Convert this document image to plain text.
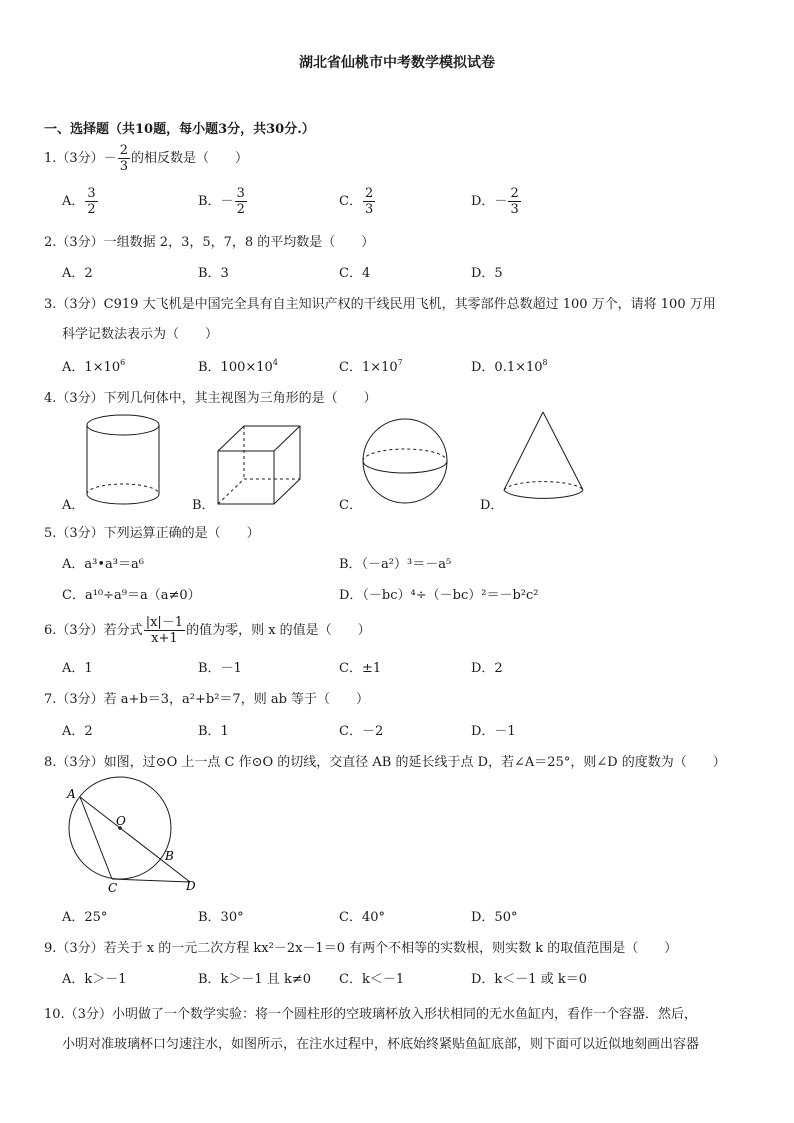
湖北省仙桃市中考数学模拟试卷
一、选择题（共10题，每小题3分，共30分.）
1.（3分）－ $\frac{2}{3}$ 的相反数是（　　）
A． $\frac{3}{2}$	B．－ $\frac{3}{2}$	C． $\frac{2}{3}$	D．－ $\frac{2}{3}$
2.（3分）一组数据 2，3，5，7，8 的平均数是（　　）
A．2	B．3	C．4	D．5
3.（3分）C919 大飞机是中国完全具有自主知识产权的干线民用飞机，其零部件总数超过 100 万个，请将 100 万用
科学记数法表示为（　　）
A．$1\times 10^6$	B．$100\times 10^4$	C．$1\times 10^7$	D．$0.1\times 10^8$
4.（3分）下列几何体中，其主视图为三角形的是（　　）
A．	B．	C．	D．
5.（3分）下列运算正确的是（　　）
A．a³•a³＝a⁶	B．（－a²）³＝－a⁵
C．a¹⁰÷a⁹＝a（a≠0）	D．（－bc）⁴÷（－bc）²＝－b²c²
6.（3分）若分式 $\frac{|x|-1}{x+1}$ 的值为零，则 x 的值是（　　）
A．1	B．－1	C．±1	D．2
7.（3分）若 a+b＝3，a²+b²＝7，则 ab 等于（　　）
A．2	B．1	C．－2	D．－1
8.（3分）如图，过⊙O 上一点 C 作⊙O 的切线，交直径 AB 的延长线于点 D，若∠A＝25°，则∠D 的度数为（　　）
A
O
B
C	D
A．25°	B．30°	C．40°	D．50°
9.（3分）若关于 x 的一元二次方程 kx²－2x－1＝0 有两个不相等的实数根，则实数 k 的取值范围是（　　）
A．k＞－1	B．k＞－1 且 k≠0 C．k＜－1	D．k＜－1 或 k＝0
10.（3分）小明做了一个数学实验：将一个圆柱形的空玻璃杯放入形状相同的无水鱼缸内，看作一个容器．然后，
小明对准玻璃杯口匀速注水，如图所示，在注水过程中，杯底始终紧贴鱼缸底部，则下面可以近似地刻画出容器
